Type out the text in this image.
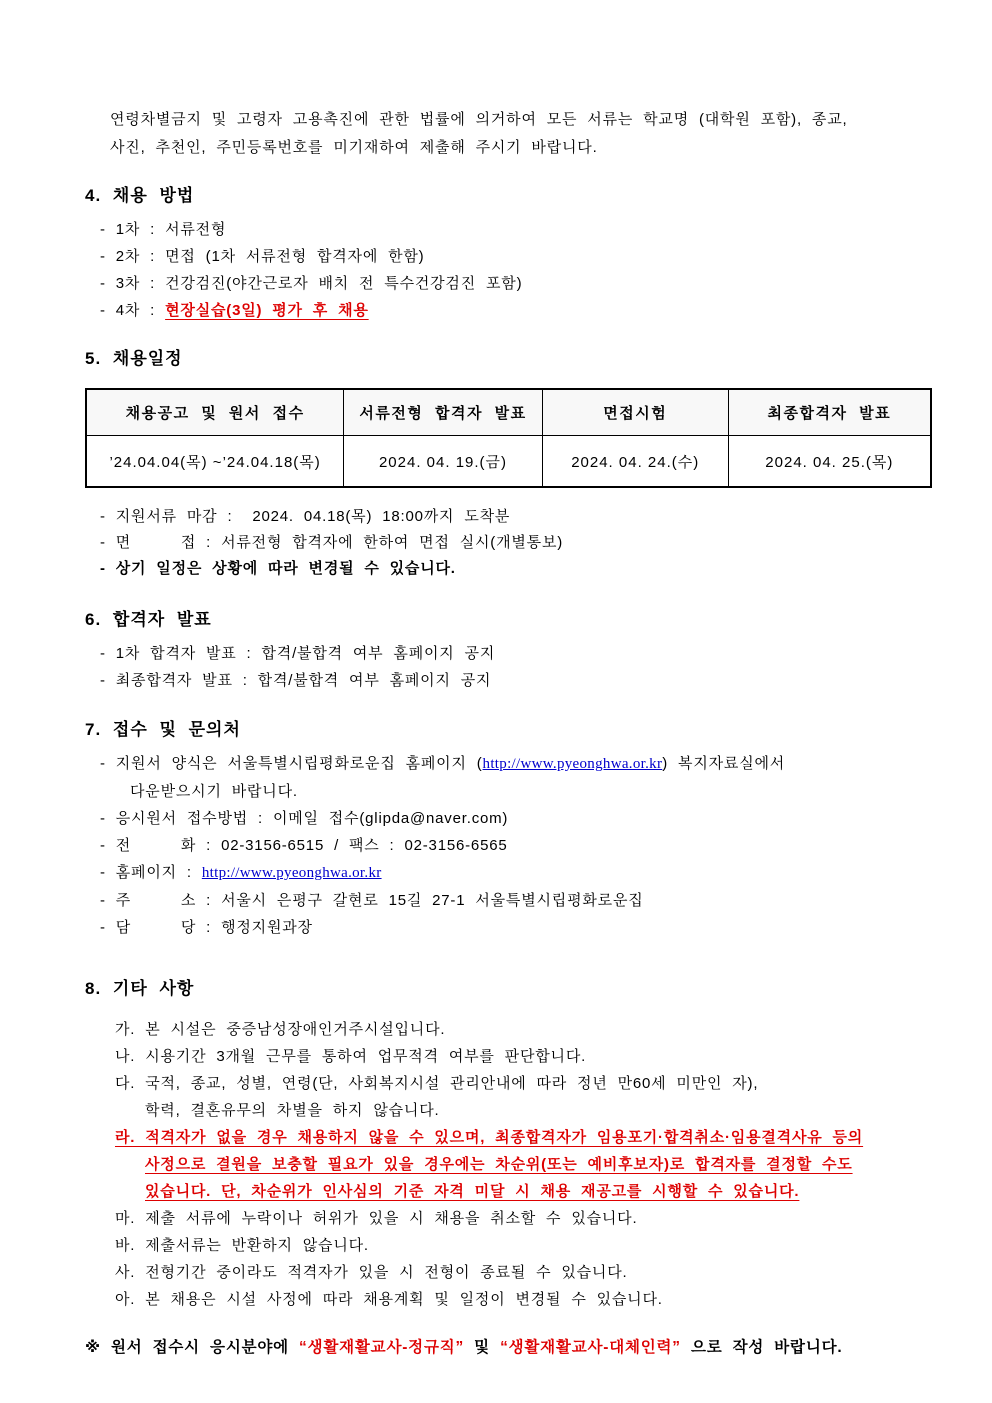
연령차별금지 및 고령자 고용촉진에 관한 법률에 의거하여 모든 서류는 학교명 (대학원 포함), 종교,
사진, 추천인, 주민등록번호를 미기재하여 제출해 주시기 바랍니다.
4. 채용 방법
- 1차 : 서류전형
- 2차 : 면접 (1차 서류전형 합격자에 한함)
- 3차 : 건강검진(야간근로자 배치 전 특수건강검진 포함)
- 4차 : 현장실습(3일) 평가 후 채용
5. 채용일정
채용공고 및 원서 접수	서류전형 합격자 발표	면접시험	최종합격자 발표
’24.04.04(목) ~’24.04.18(목)	2024. 04. 19.(금)	2024. 04. 24.(수)	2024. 04. 25.(목)
- 지원서류 마감 :  2024. 04.18(목) 18:00까지 도착분
- 면     접 : 서류전형 합격자에 한하여 면접 실시(개별통보)
- 상기 일정은 상황에 따라 변경될 수 있습니다.
6. 합격자 발표
- 1차 합격자 발표 : 합격/불합격 여부 홈페이지 공지
- 최종합격자 발표 : 합격/불합격 여부 홈페이지 공지
7. 접수 및 문의처
- 지원서 양식은 서울특별시립평화로운집 홈페이지 (http://www.pyeonghwa.or.kr) 복지자료실에서
다운받으시기 바랍니다.
- 응시원서 접수방법 : 이메일 접수(glipda@naver.com)
- 전     화 : 02-3156-6515 / 팩스 : 02-3156-6565
- 홈페이지 : http://www.pyeonghwa.or.kr
- 주     소 : 서울시 은평구 갈현로 15길 27-1 서울특별시립평화로운집
- 담     당 : 행정지원과장
8. 기타 사항
가. 본 시설은 중증남성장애인거주시설입니다.
나. 시용기간 3개월 근무를 통하여 업무적격 여부를 판단합니다.
다. 국적, 종교, 성별, 연령(단, 사회복지시설 관리안내에 따라 정년 만60세 미만인 자),
학력, 결혼유무의 차별을 하지 않습니다.
라. 적격자가 없을 경우 채용하지 않을 수 있으며, 최종합격자가 임용포기·합격취소·임용결격사유 등의
사정으로 결원을 보충할 필요가 있을 경우에는 차순위(또는 예비후보자)로 합격자를 결정할 수도
있습니다. 단, 차순위가 인사심의 기준 자격 미달 시 채용 재공고를 시행할 수 있습니다.
마. 제출 서류에 누락이나 허위가 있을 시 채용을 취소할 수 있습니다.
바. 제출서류는 반환하지 않습니다.
사. 전형기간 중이라도 적격자가 있을 시 전형이 종료될 수 있습니다.
아. 본 채용은 시설 사정에 따라 채용계획 및 일정이 변경될 수 있습니다.
※ 원서 접수시 응시분야에 “생활재활교사-정규직” 및 “생활재활교사-대체인력” 으로 작성 바랍니다.
